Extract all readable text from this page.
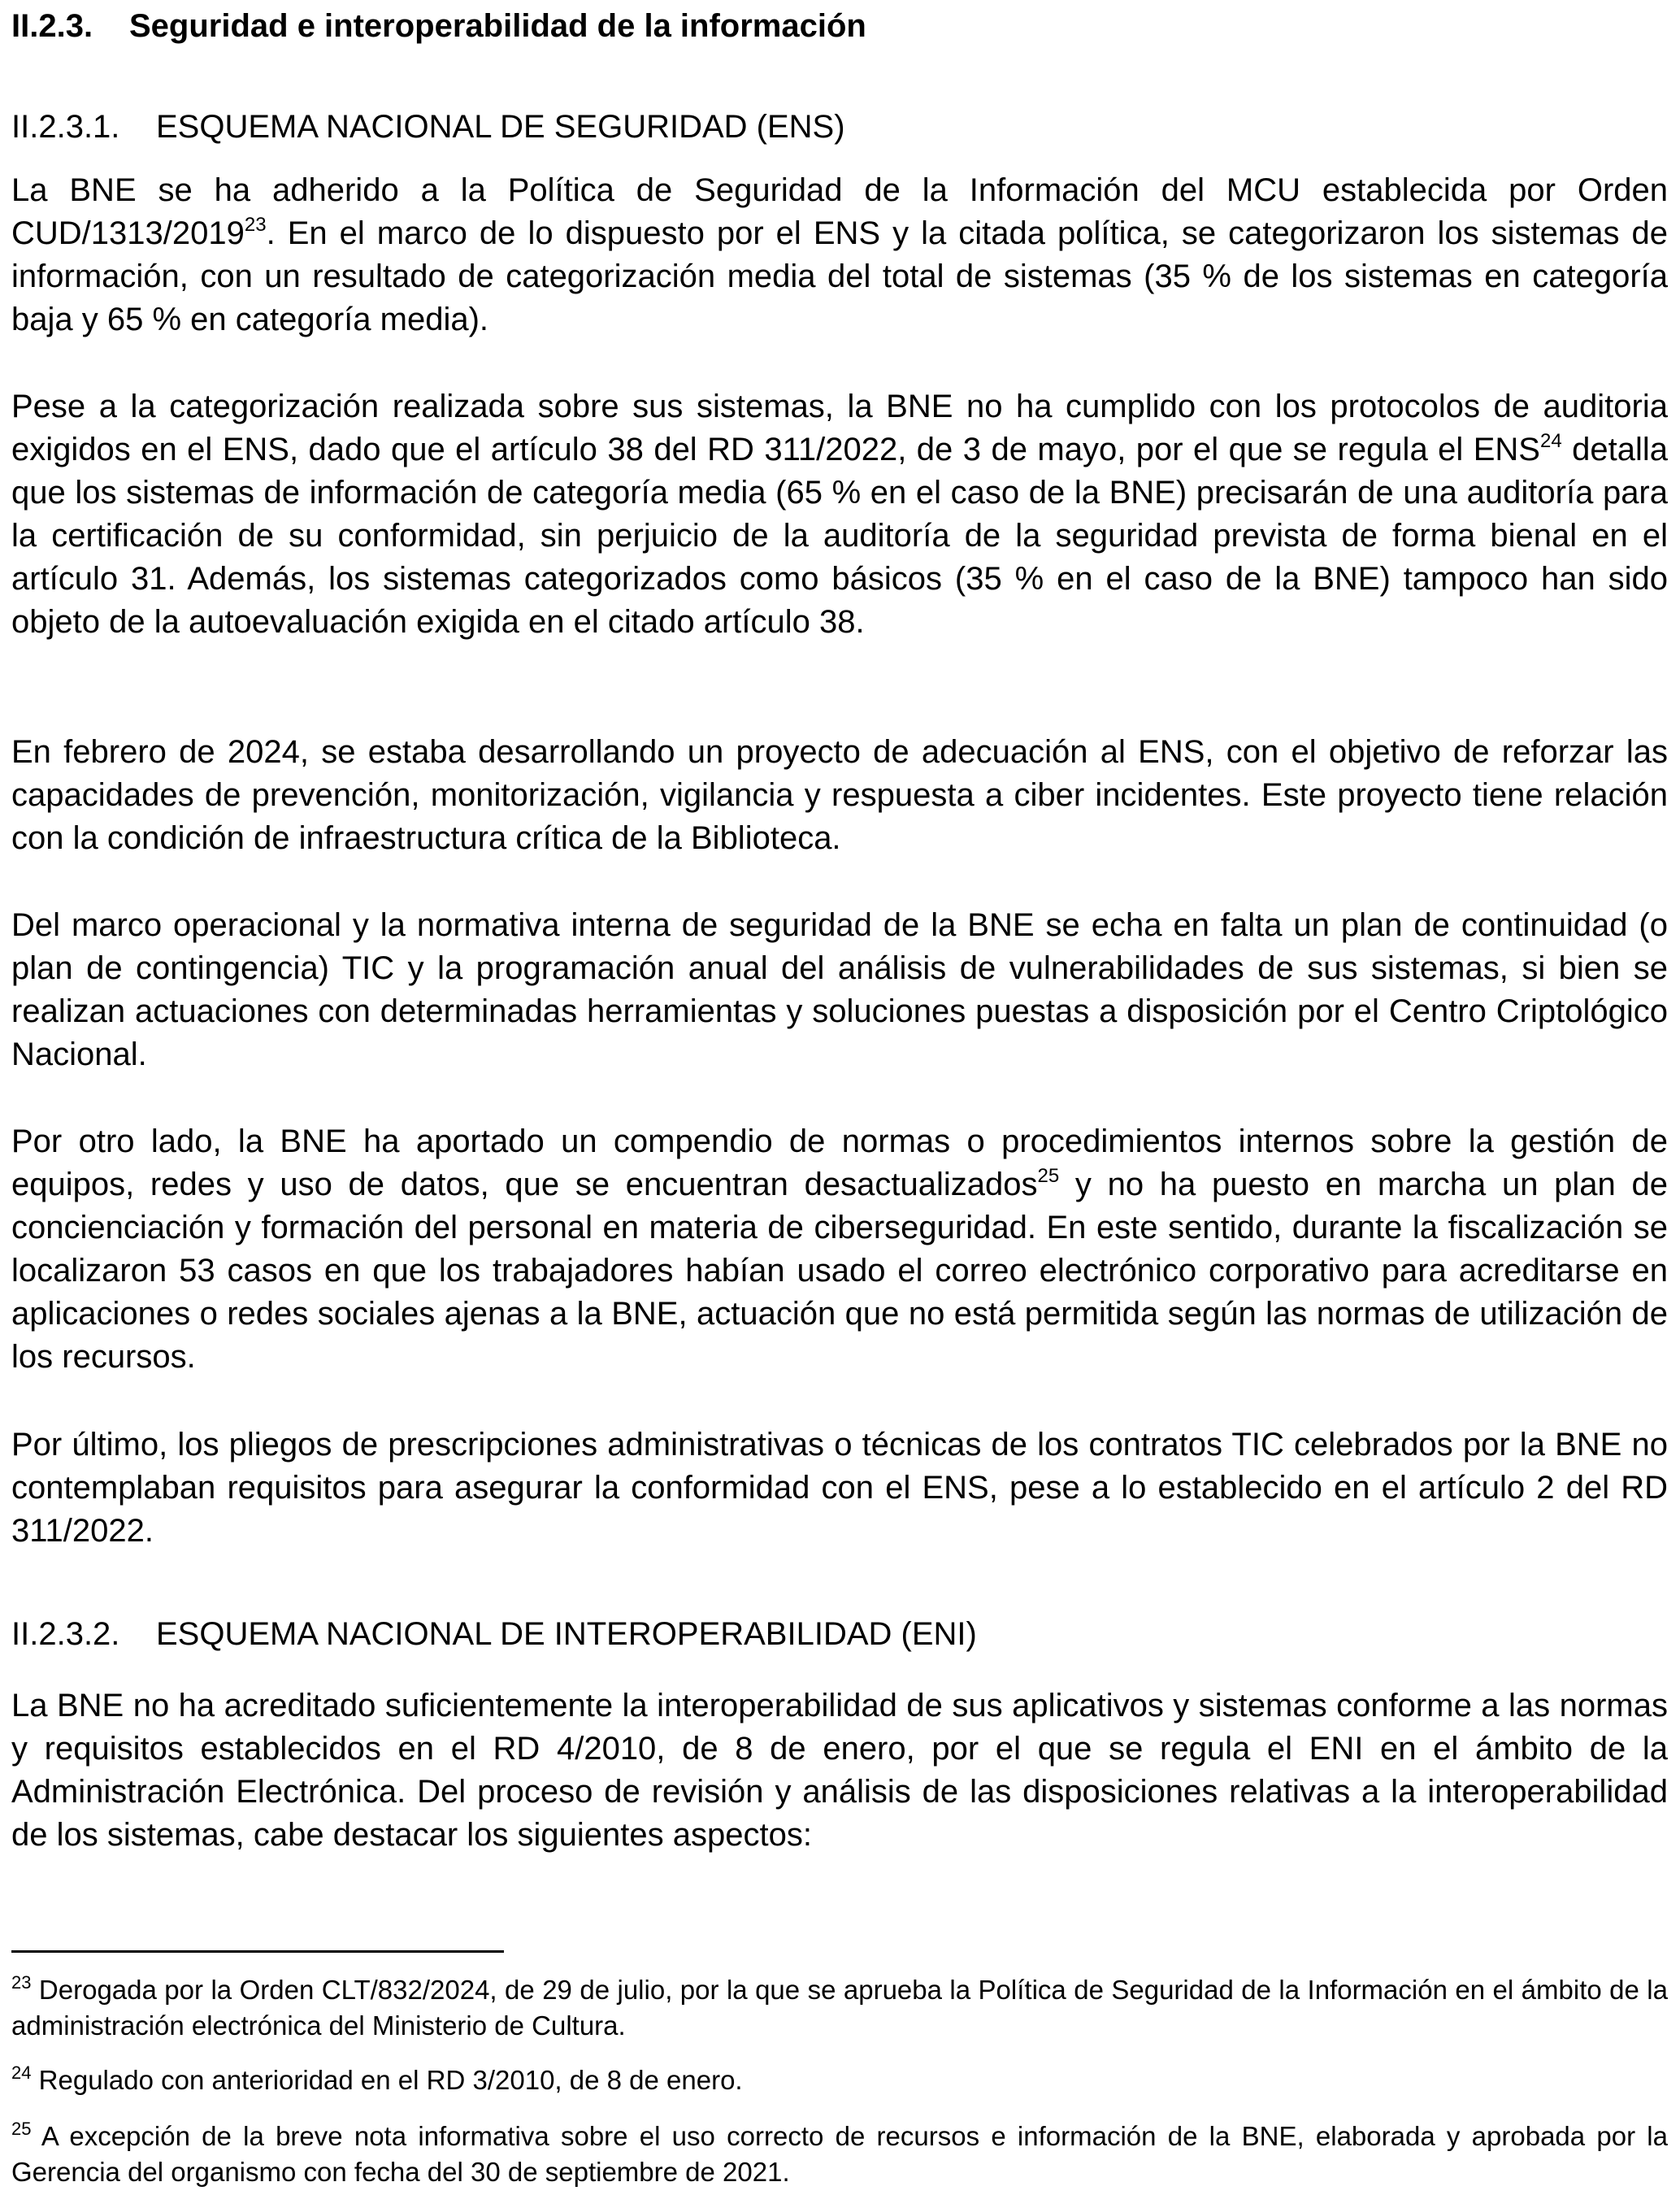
II.2.3. Seguridad e interoperabilidad de la información
II.2.3.1. ESQUEMA NACIONAL DE SEGURIDAD (ENS)

La BNE se ha adherido a la Política de Seguridad de la Información del MCU establecida por Orden CUD/1313/2019$^{23}$. En el marco de lo dispuesto por el ENS y la citada política, se categorizaron los sistemas de información, con un resultado de categorización media del total de sistemas (35 % de los sistemas en categoría baja y 65 % en categoría media).

Pese a la categorización realizada sobre sus sistemas, la BNE no ha cumplido con los protocolos de auditoria exigidos en el ENS, dado que el artículo 38 del RD 311/2022, de 3 de mayo, por el que se regula el ENS$^{24}$ detalla que los sistemas de información de categoría media (65 % en el caso de la BNE) precisarán de una auditoría para la certificación de su conformidad, sin perjuicio de la auditoría de la seguridad prevista de forma bienal en el artículo 31. Además, los sistemas categorizados como básicos (35 % en el caso de la BNE) tampoco han sido objeto de la autoevaluación exigida en el citado artículo 38.

En febrero de 2024, se estaba desarrollando un proyecto de adecuación al ENS, con el objetivo de reforzar las capacidades de prevención, monitorización, vigilancia y respuesta a ciber incidentes. Este proyecto tiene relación con la condición de infraestructura crítica de la Biblioteca.

Del marco operacional y la normativa interna de seguridad de la BNE se echa en falta un plan de continuidad (o plan de contingencia) TIC y la programación anual del análisis de vulnerabilidades de sus sistemas, si bien se realizan actuaciones con determinadas herramientas y soluciones puestas a disposición por el Centro Criptológico Nacional.

Por otro lado, la BNE ha aportado un compendio de normas o procedimientos internos sobre la gestión de equipos, redes y uso de datos, que se encuentran desactualizados$^{25}$ y no ha puesto en marcha un plan de concienciación y formación del personal en materia de ciberseguridad. En este sentido, durante la fiscalización se localizaron 53 casos en que los trabajadores habían usado el correo electrónico corporativo para acreditarse en aplicaciones o redes sociales ajenas a la BNE, actuación que no está permitida según las normas de utilización de los recursos.

Por último, los pliegos de prescripciones administrativas o técnicas de los contratos TIC celebrados por la BNE no contemplaban requisitos para asegurar la conformidad con el ENS, pese a lo establecido en el artículo 2 del RD 311/2022.

II.2.3.2. ESQUEMA NACIONAL DE INTEROPERABILIDAD (ENI)

La BNE no ha acreditado suficientemente la interoperabilidad de sus aplicativos y sistemas conforme a las normas y requisitos establecidos en el RD 4/2010, de 8 de enero, por el que se regula el ENI en el ámbito de la Administración Electrónica. Del proceso de revisión y análisis de las disposiciones relativas a la interoperabilidad de los sistemas, cabe destacar los siguientes aspectos:

$^{23}$ Derogada por la Orden CLT/832/2024, de 29 de julio, por la que se aprueba la Política de Seguridad de la Información en el ámbito de la administración electrónica del Ministerio de Cultura.

$^{24}$ Regulado con anterioridad en el RD 3/2010, de 8 de enero.

$^{25}$ A excepción de la breve nota informativa sobre el uso correcto de recursos e información de la BNE, elaborada y aprobada por la Gerencia del organismo con fecha del 30 de septiembre de 2021.
